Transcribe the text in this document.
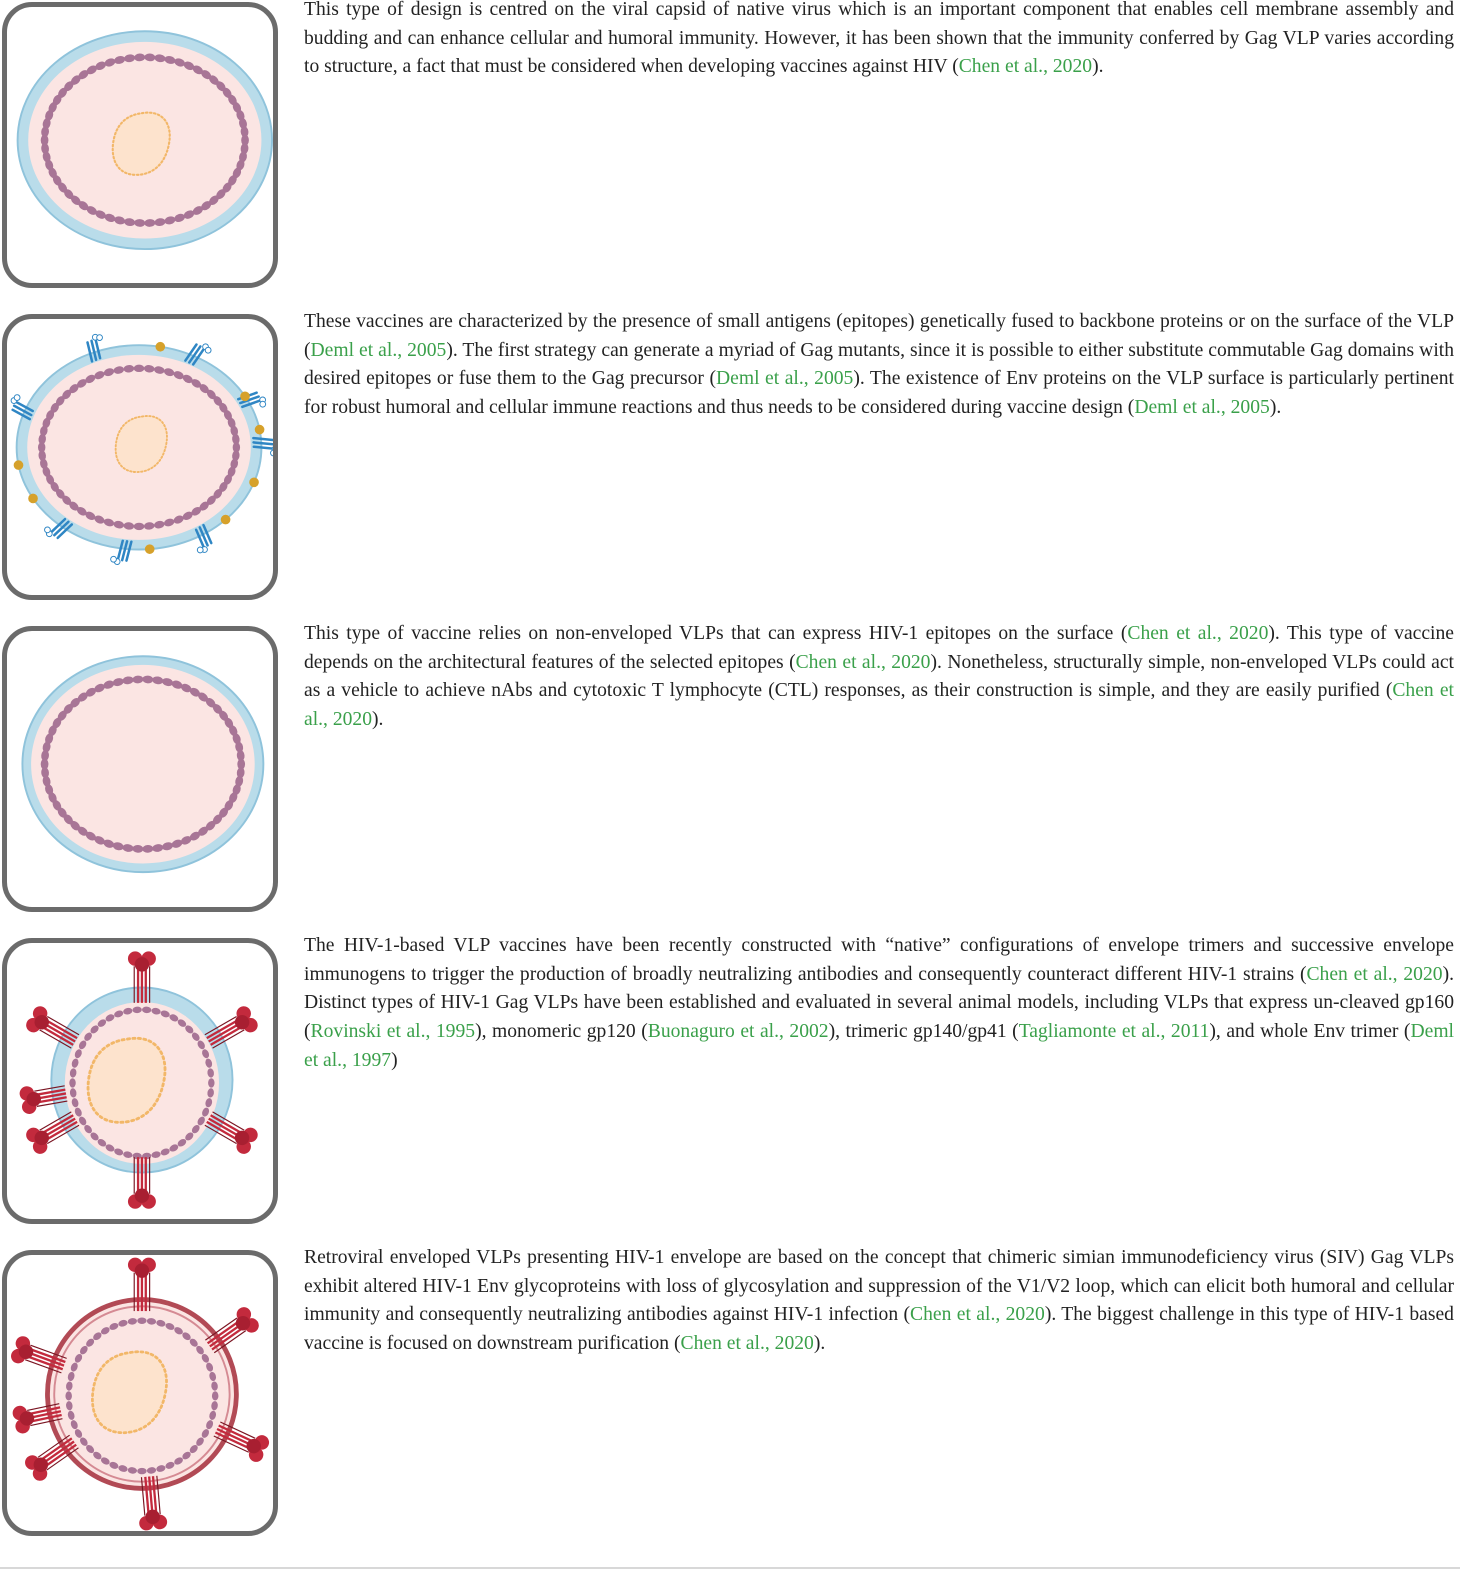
This type of design is centred on the viral capsid of native virus which is an important component that enables cell membrane assembly and budding and can enhance cellular and humoral immunity. However, it has been shown that the immunity conferred by Gag VLP varies according to structure, a fact that must be considered when developing vaccines against HIV (Chen et al., 2020).

These vaccines are characterized by the presence of small antigens (epitopes) genetically fused to backbone proteins or on the surface of the VLP (Deml et al., 2005). The first strategy can generate a myriad of Gag mutants, since it is possible to either substitute commutable Gag domains with desired epitopes or fuse them to the Gag precursor (Deml et al., 2005). The existence of Env proteins on the VLP surface is particularly pertinent for robust humoral and cellular immune reactions and thus needs to be considered during vaccine design (Deml et al., 2005).

This type of vaccine relies on non-enveloped VLPs that can express HIV-1 epitopes on the surface (Chen et al., 2020). This type of vaccine depends on the architectural features of the selected epitopes (Chen et al., 2020). Nonetheless, structurally simple, non-enveloped VLPs could act as a vehicle to achieve nAbs and cytotoxic T lymphocyte (CTL) responses, as their construction is simple, and they are easily purified (Chen et al., 2020).

The HIV-1-based VLP vaccines have been recently constructed with “native” configurations of envelope trimers and successive envelope immunogens to trigger the production of broadly neutralizing antibodies and consequently counteract different HIV-1 strains (Chen et al., 2020). Distinct types of HIV-1 Gag VLPs have been established and evaluated in several animal models, including VLPs that express un-cleaved gp160 (Rovinski et al., 1995), monomeric gp120 (Buonaguro et al., 2002), trimeric gp140/gp41 (Tagliamonte et al., 2011), and whole Env trimer (Deml et al., 1997)

Retroviral enveloped VLPs presenting HIV-1 envelope are based on the concept that chimeric simian immunodeficiency virus (SIV) Gag VLPs exhibit altered HIV-1 Env glycoproteins with loss of glycosylation and suppression of the V1/V2 loop, which can elicit both humoral and cellular immunity and consequently neutralizing antibodies against HIV-1 infection (Chen et al., 2020). The biggest challenge in this type of HIV-1 based vaccine is focused on downstream purification (Chen et al., 2020).
